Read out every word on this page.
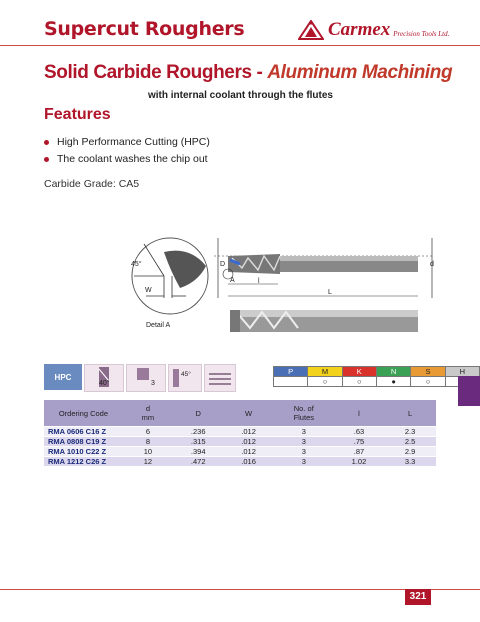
Supercut Roughers	Carmex Precision Tools Ltd.
Solid Carbide Roughers - Aluminum Machining
with internal coolant through the flutes
Features
High Performance Cutting (HPC)
The coolant washes the chip out
Carbide Grade: CA5
45°
W
Detail A
D
A	l
L
d
HPC
40°	3
45°	P	M	K	N	S	H
	○	○	●	○	
Ordering Code	d
mm	D	W	No. of
Flutes	l	L
RMA 0606 C16 Z	6	.236	.012	3	.63	2.3
RMA 0808 C19 Z	8	.315	.012	3	.75	2.5
RMA 1010 C22 Z	10	.394	.012	3	.87	2.9
RMA 1212 C26 Z	12	.472	.016	3	1.02	3.3
321
